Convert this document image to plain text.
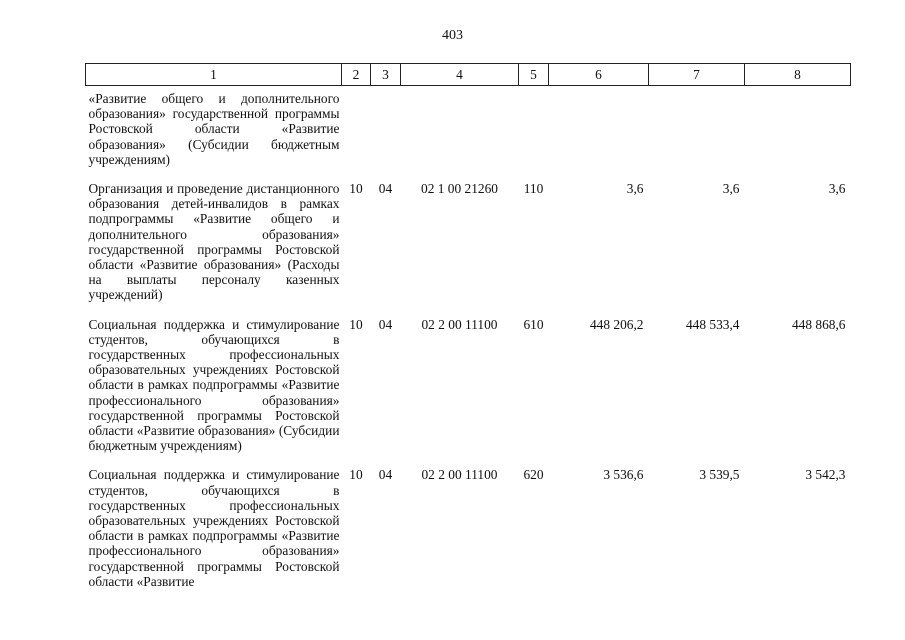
403
1	2	3	4	5	6	7	8
«Развитие общего и дополнительного образования» государственной программы Ростовской области «Развитие образования» (Субсидии бюджетным учреждениям)							
Организация и проведение дистанционного образования детей-инвалидов в рамках подпрограммы «Развитие общего и дополнительного образования» государственной программы Ростовской области «Развитие образования» (Расходы на выплаты персоналу казенных учреждений)	10	04	02 1 00 21260	110	3,6	3,6	3,6
Социальная поддержка и стимулирование студентов, обучающихся в государственных профессиональных образовательных учреждениях Ростовской области в рамках подпрограммы «Развитие профессионального образования» государственной программы Ростовской области «Развитие образования» (Субсидии бюджетным учреждениям)	10	04	02 2 00 11100	610	448 206,2	448 533,4	448 868,6
Социальная поддержка и стимулирование студентов, обучающихся в государственных профессиональных образовательных учреждениях Ростовской области в рамках подпрограммы «Развитие профессионального образования» государственной программы Ростовской области «Развитие	10	04	02 2 00 11100	620	3 536,6	3 539,5	3 542,3
